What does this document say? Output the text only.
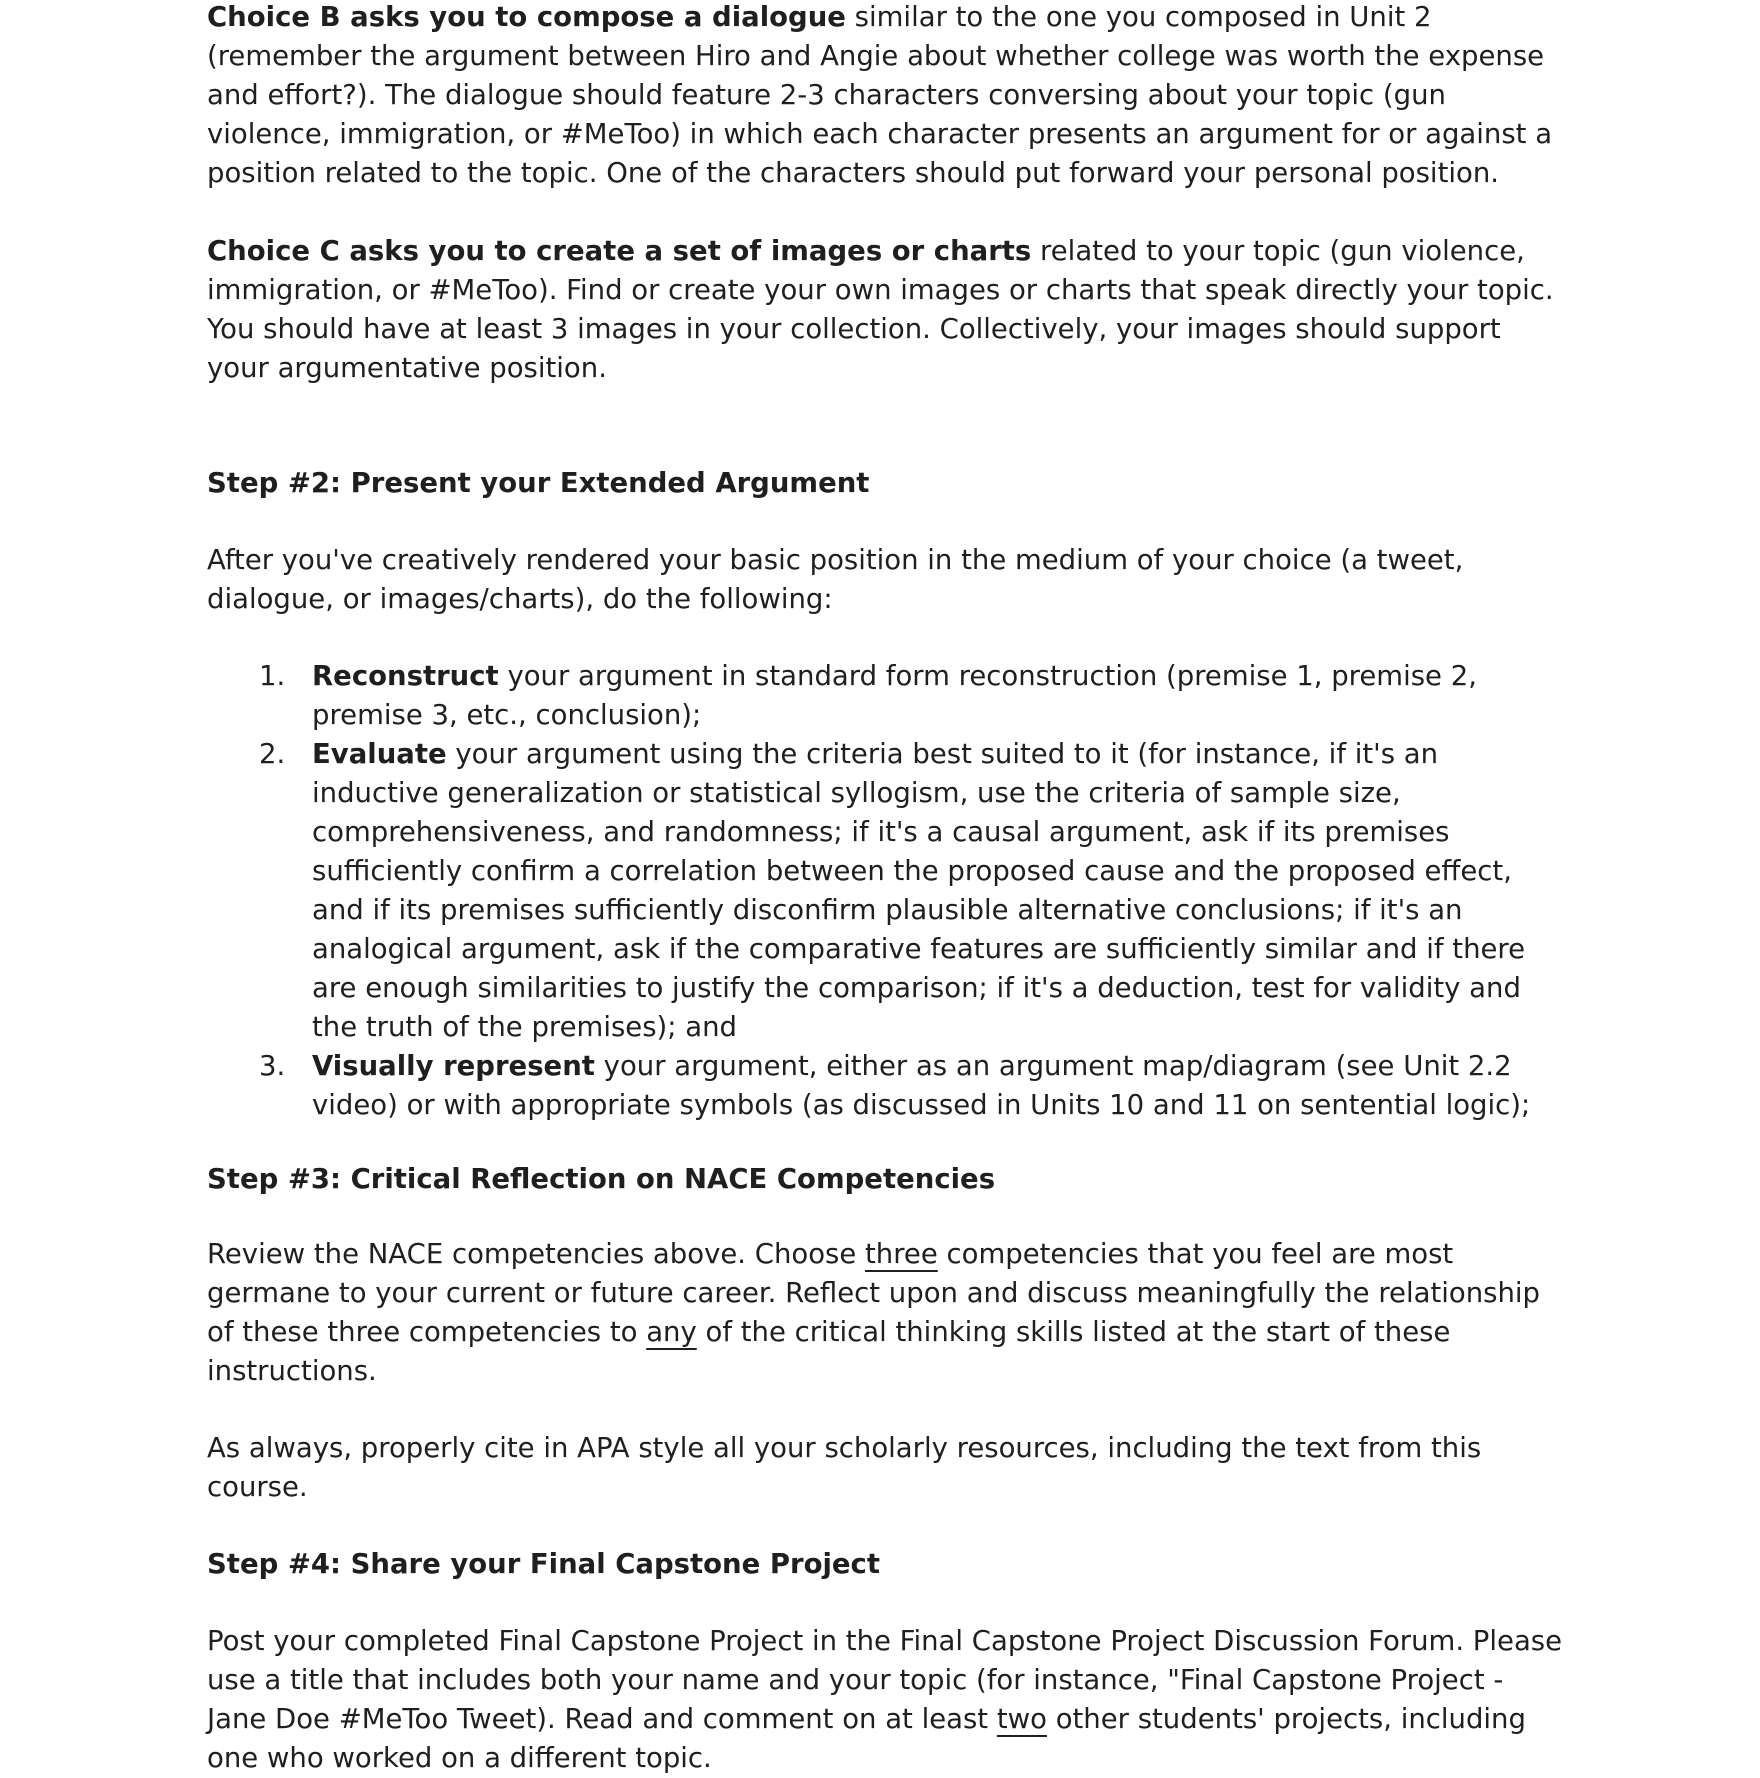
Choice B asks you to compose a dialogue similar to the one you composed in Unit 2 (remember the argument between Hiro and Angie about whether college was worth the expense and effort?). The dialogue should feature 2-3 characters conversing about your topic (gun violence, immigration, or #MeToo) in which each character presents an argument for or against a position related to the topic. One of the characters should put forward your personal position.

Choice C asks you to create a set of images or charts related to your topic (gun violence, immigration, or #MeToo). Find or create your own images or charts that speak directly your topic. You should have at least 3 images in your collection. Collectively, your images should support your argumentative position.

Step #2: Present your Extended Argument

After you've creatively rendered your basic position in the medium of your choice (a tweet, dialogue, or images/charts), do the following:

1. Reconstruct your argument in standard form reconstruction (premise 1, premise 2, premise 3, etc., conclusion);
2. Evaluate your argument using the criteria best suited to it (for instance, if it's an inductive generalization or statistical syllogism, use the criteria of sample size, comprehensiveness, and randomness; if it's a causal argument, ask if its premises sufficiently confirm a correlation between the proposed cause and the proposed effect, and if its premises sufficiently disconfirm plausible alternative conclusions; if it's an analogical argument, ask if the comparative features are sufficiently similar and if there are enough similarities to justify the comparison; if it's a deduction, test for validity and the truth of the premises); and
3. Visually represent your argument, either as an argument map/diagram (see Unit 2.2 video) or with appropriate symbols (as discussed in Units 10 and 11 on sentential logic);

Step #3: Critical Reflection on NACE Competencies

Review the NACE competencies above. Choose three competencies that you feel are most germane to your current or future career. Reflect upon and discuss meaningfully the relationship of these three competencies to any of the critical thinking skills listed at the start of these instructions.

As always, properly cite in APA style all your scholarly resources, including the text from this course.

Step #4: Share your Final Capstone Project

Post your completed Final Capstone Project in the Final Capstone Project Discussion Forum. Please use a title that includes both your name and your topic (for instance, "Final Capstone Project - Jane Doe #MeToo Tweet). Read and comment on at least two other students' projects, including one who worked on a different topic.
